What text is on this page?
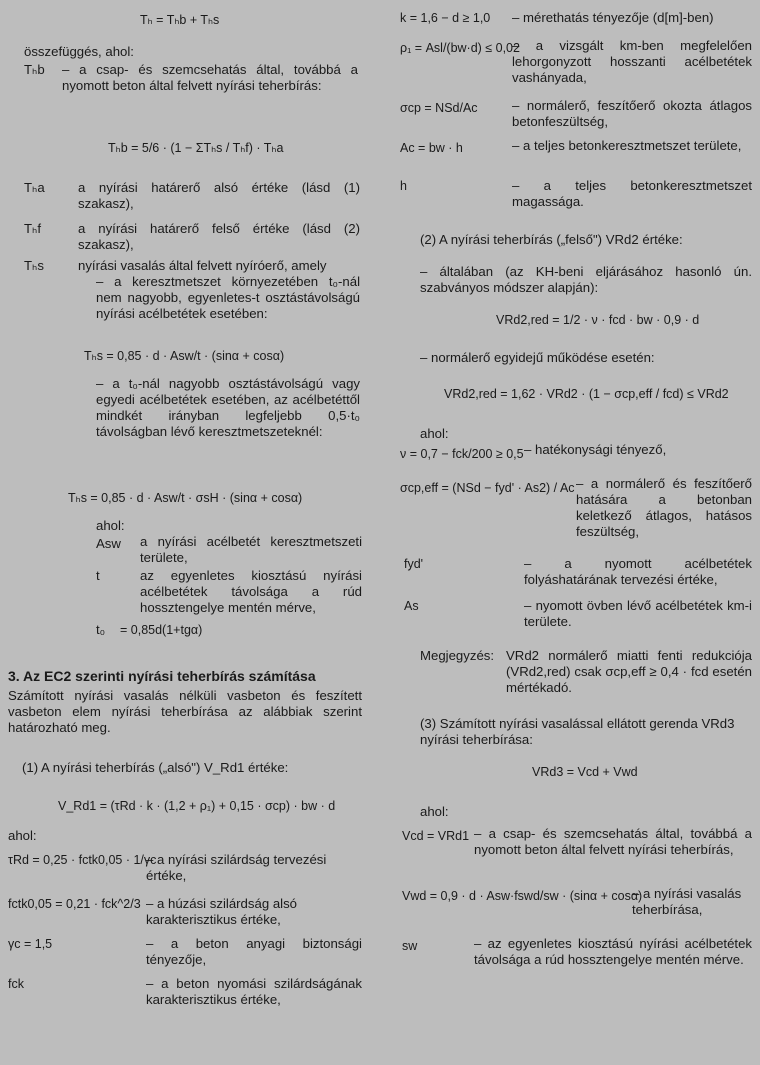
Tₕ = Tₕb + Tₕs
összefüggés, ahol:
Tₕb – a csap- és szemcsehatás által, továbbá a nyomott beton által felvett nyírási teherbírás:
Tₕb = 5/6 · (1 − ΣTₕs / Tₕf) · Tₕa
Tₕa	a nyírási határerő alsó értéke (lásd (1) szakasz),
Tₕf	a nyírási határerő felső értéke (lásd (2) szakasz),
Tₕs	nyírási vasalás által felvett nyíróerő, amely
– a keresztmetszet környezetében t₀-nál nem nagyobb, egyenletes-t osztástávolságú nyírási acélbetétek esetében:
Tₕs = 0,85 · d · Asw/t · (sinα + cosα)
– a t₀-nál nagyobb osztástávolságú vagy egyedi acélbetétek esetében, az acélbetéttől mindkét irányban legfeljebb 0,5·t₀ távolságban lévő keresztmetszeteknél:
Tₕs = 0,85 · d · Asw/t · σsH · (sinα + cosα)
ahol:
Asw a nyírási acélbetét keresztmetszeti területe,
t	az egyenletes kiosztású nyírási acélbetétek távolsága a rúd hossztengelye mentén mérve,
t₀ = 0,85d(1+tgα)
3. Az EC2 szerinti nyírási teherbírás számítása
Számított nyírási vasalás nélküli vasbeton és feszített vasbeton elem nyírási teherbírása az alábbiak szerint határozható meg.
(1) A nyírási teherbírás („alsó") V_Rd1 értéke:
V_Rd1 = (τRd · k · (1,2 + ρ₁) + 0,15 · σcp) · bw · d
ahol:
τRd = 0,25 · fctk0,05 · 1/γc
– a nyírási szilárdság tervezési értéke,
fctk0,05 = 0,21 · fck^2/3 – a húzási szilárdság alsó karakterisztikus értéke,
γc = 1,5	– a beton anyagi biztonsági tényezője,
fck	– a beton nyomási szilárdságának karakterisztikus értéke,
k = 1,6 − d ≥ 1,0 – mérethatás tényezője (d[m]-ben)
ρ₁ = Asl/(bw·d) ≤ 0,02
– a vizsgált km-ben megfelelően lehorgonyzott hosszanti acélbetétek vashányada,
σcp = NSd/Ac	– normálerő, feszítőerő okozta átlagos betonfeszültség,
Ac = bw · h	– a teljes betonkeresztmetszet területe,
h	– a teljes betonkeresztmetszet magassága.
(2) A nyírási teherbírás („felső") VRd2 értéke:
– általában (az KH-beni eljárásához hasonló ún. szabványos módszer alapján):
VRd2,red = 1/2 · ν · fcd · bw · 0,9 · d
– normálerő egyidejű működése esetén:
VRd2,red = 1,62 · VRd2 · (1 − σcp,eff / fcd) ≤ VRd2
ahol:
ν = 0,7 − fck/200 ≥ 0,5 – hatékonysági tényező,
σcp,eff = (NSd − fyd' · As2) / Ac – a normálerő és feszítőerő hatására a betonban keletkező átlagos, hatásos feszültség,
fyd'	– a nyomott acélbetétek folyáshatárának tervezési értéke,
As	– nyomott övben lévő acélbetétek km-i területe.
Megjegyzés: VRd2 normálerő miatti fenti redukciója (VRd2,red) csak σcp,eff ≥ 0,4 · fcd esetén mértékadó.
(3) Számított nyírási vasalással ellátott gerenda VRd3 nyírási teherbírása:
VRd3 = Vcd + Vwd
ahol:
Vcd = VRd1 – a csap- és szemcsehatás által, továbbá a nyomott beton által felvett nyírási teherbírás,
Vwd = 0,9 · d · Asw·fswd/sw · (sinα + cosα)
– a nyírási vasalás teherbírása,
sw	– az egyenletes kiosztású nyírási acélbetétek távolsága a rúd hossztengelye mentén mérve.
